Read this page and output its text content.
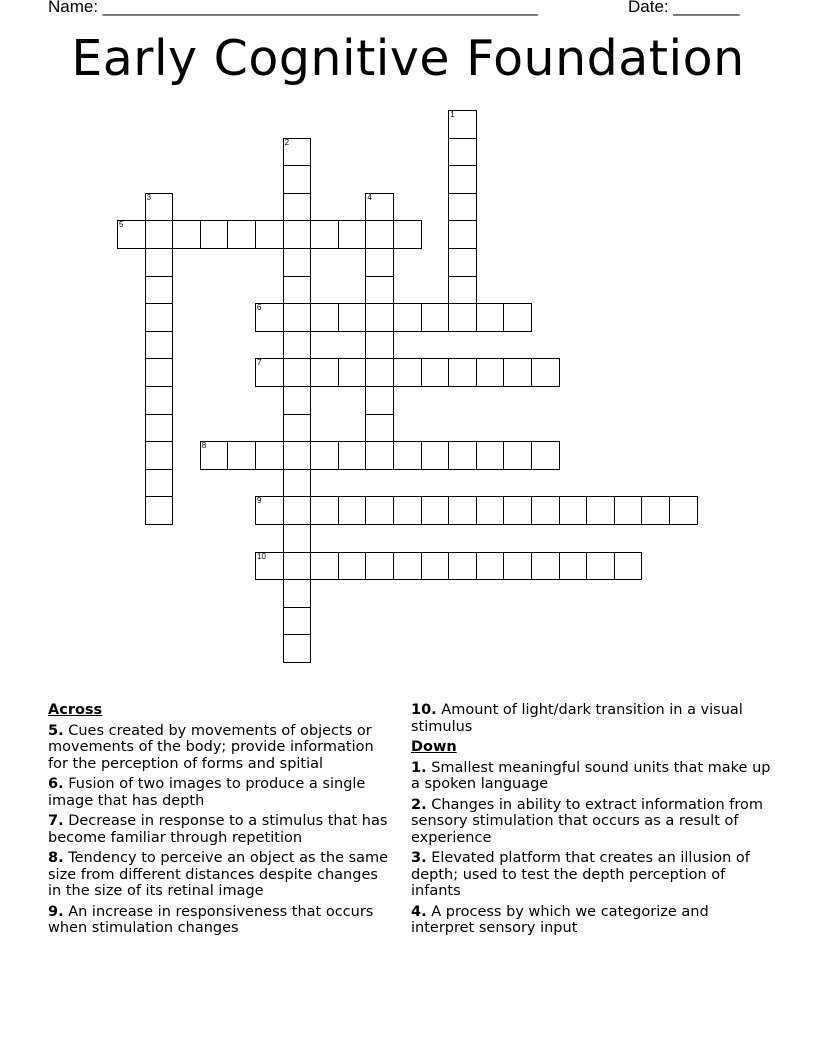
Name: ______________________________________________	Date: _______
Early Cognitive Foundation
1
2
3	4
5
6
7
8
9
10
Across
5. Cues created by movements of objects or movements of the body; provide information for the perception of forms and spitial
6. Fusion of two images to produce a single image that has depth
7. Decrease in response to a stimulus that has become familiar through repetition
8. Tendency to perceive an object as the same size from different distances despite changes in the size of its retinal image
9. An increase in responsiveness that occurs when stimulation changes
10. Amount of light/dark transition in a visual stimulus
Down
1. Smallest meaningful sound units that make up a spoken language
2. Changes in ability to extract information from sensory stimulation that occurs as a result of experience
3. Elevated platform that creates an illusion of depth; used to test the depth perception of infants
4. A process by which we categorize and interpret sensory input
